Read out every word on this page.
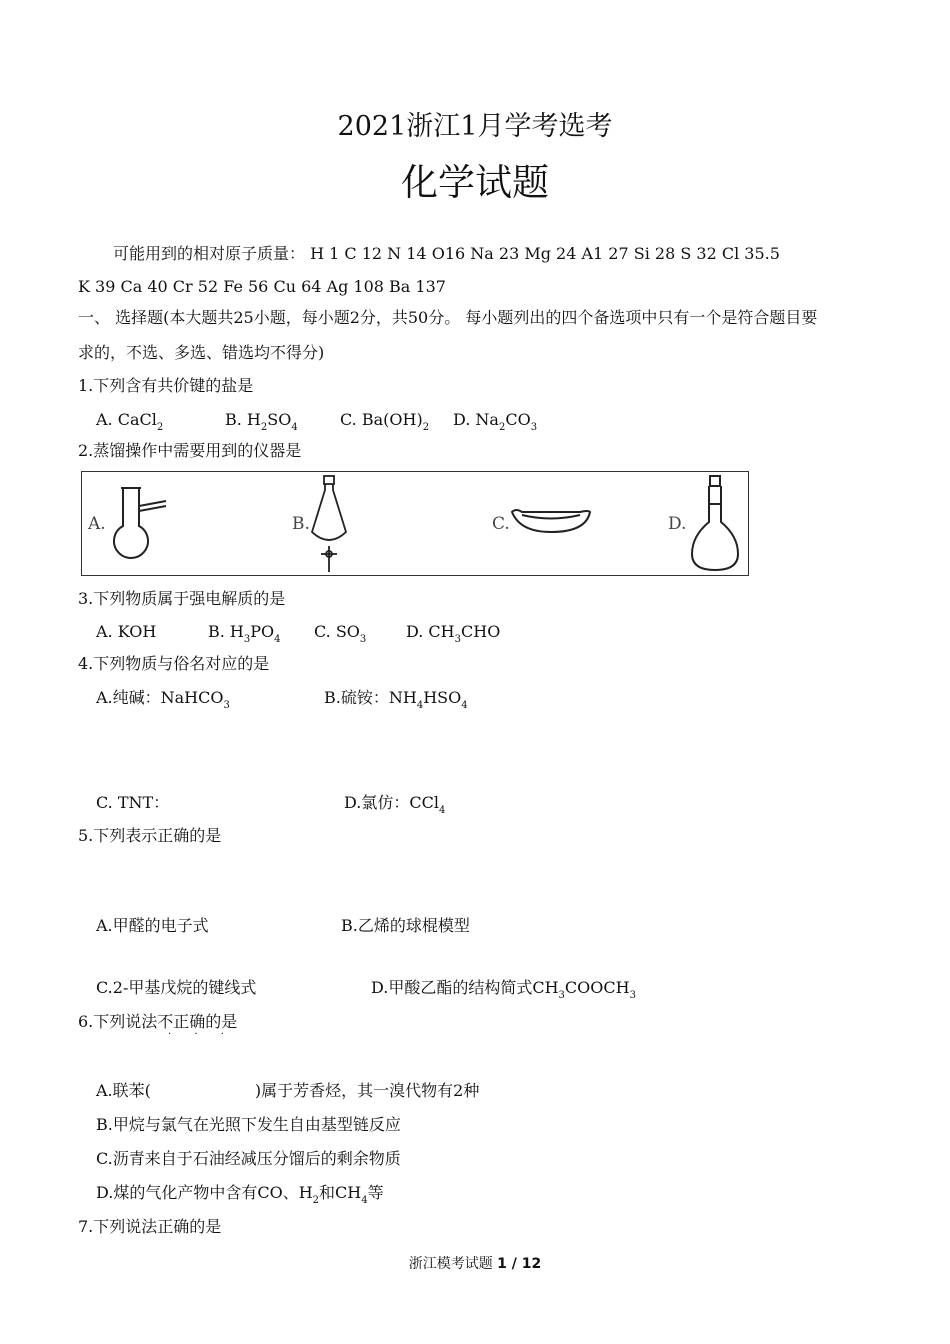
2021浙江1月学考选考
化学试题
可能用到的相对原子质量： H 1 C 12 N 14 O16 Na 23 Mg 24 A1 27 Si 28 S 32 Cl 35.5
K 39 Ca 40 Cr 52 Fe 56 Cu 64 Ag 108 Ba 137
一、 选择题(本大题共25小题，每小题2分，共50分。 每小题列出的四个备选项中只有一个是符合题目要
求的，不选、多选、错选均不得分)
1.下列含有共价键的盐是
A. CaCl$_2$	B. $H_2SO_4$	C. $Ba(OH)_2$ D. $Na_2CO_3$
2.蒸馏操作中需要用到的仪器是
A.	B.	C.	D.
3.下列物质属于强电解质的是
A. KOH	B. $H_3PO_4$ C. $SO_3$ D. $CH_3CHO$
4.下列物质与俗名对应的是
A.纯碱：NaHCO$_3$	B.硫铵：$NH_4HSO_4$
C. TNT：	D.氯仿：CCl$_4$
5.下列表示正确的是
A.甲醛的电子式	B.乙烯的球棍模型
C.2-甲基戊烷的键线式	D.甲酸乙酯的结构简式$CH_3COOCH_3$
6.下列说法不正确的是
· · ·
A.联苯(	)属于芳香烃，其一溴代物有2种
B.甲烷与氯气在光照下发生自由基型链反应
C.沥青来自于石油经减压分馏后的剩余物质
D.煤的气化产物中含有CO、$H_2$和$CH_4$等
7.下列说法正确的是
浙江模考试题 1 / 12
